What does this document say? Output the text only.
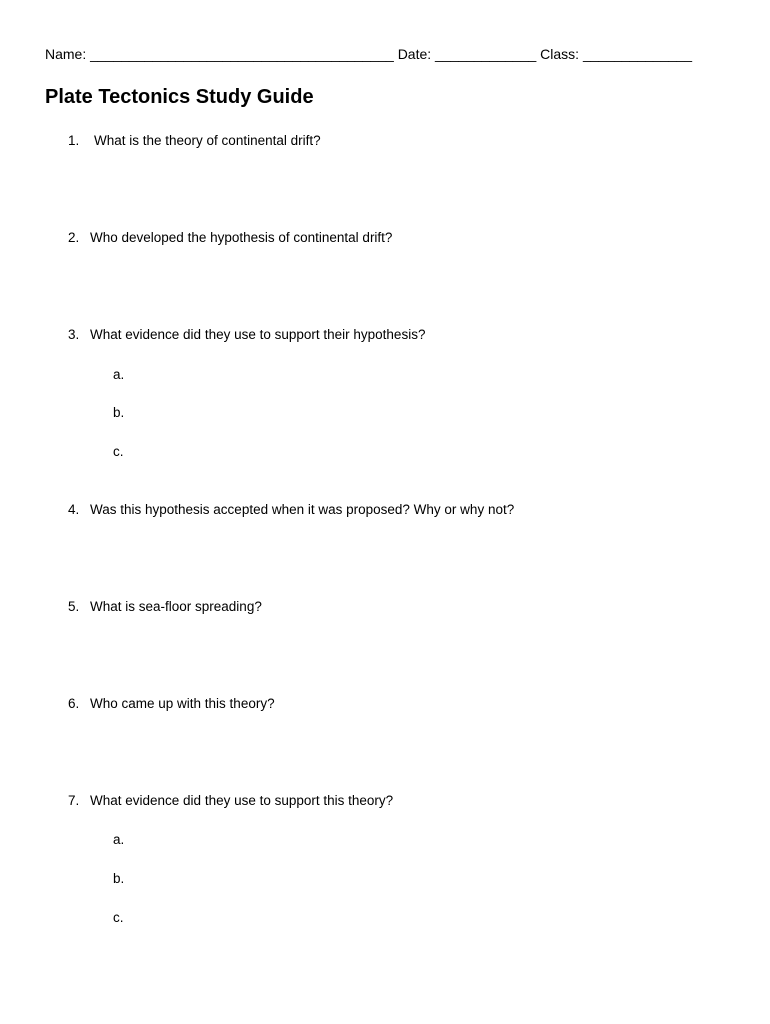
Name: _______________________________________ Date: _____________ Class: ______________
Plate Tectonics Study Guide
1. What is the theory of continental drift?
2. Who developed the hypothesis of continental drift?
3. What evidence did they use to support their hypothesis?
a.
b.
c.
4. Was this hypothesis accepted when it was proposed? Why or why not?
5. What is sea-floor spreading?
6. Who came up with this theory?
7. What evidence did they use to support this theory?
a.
b.
c.
